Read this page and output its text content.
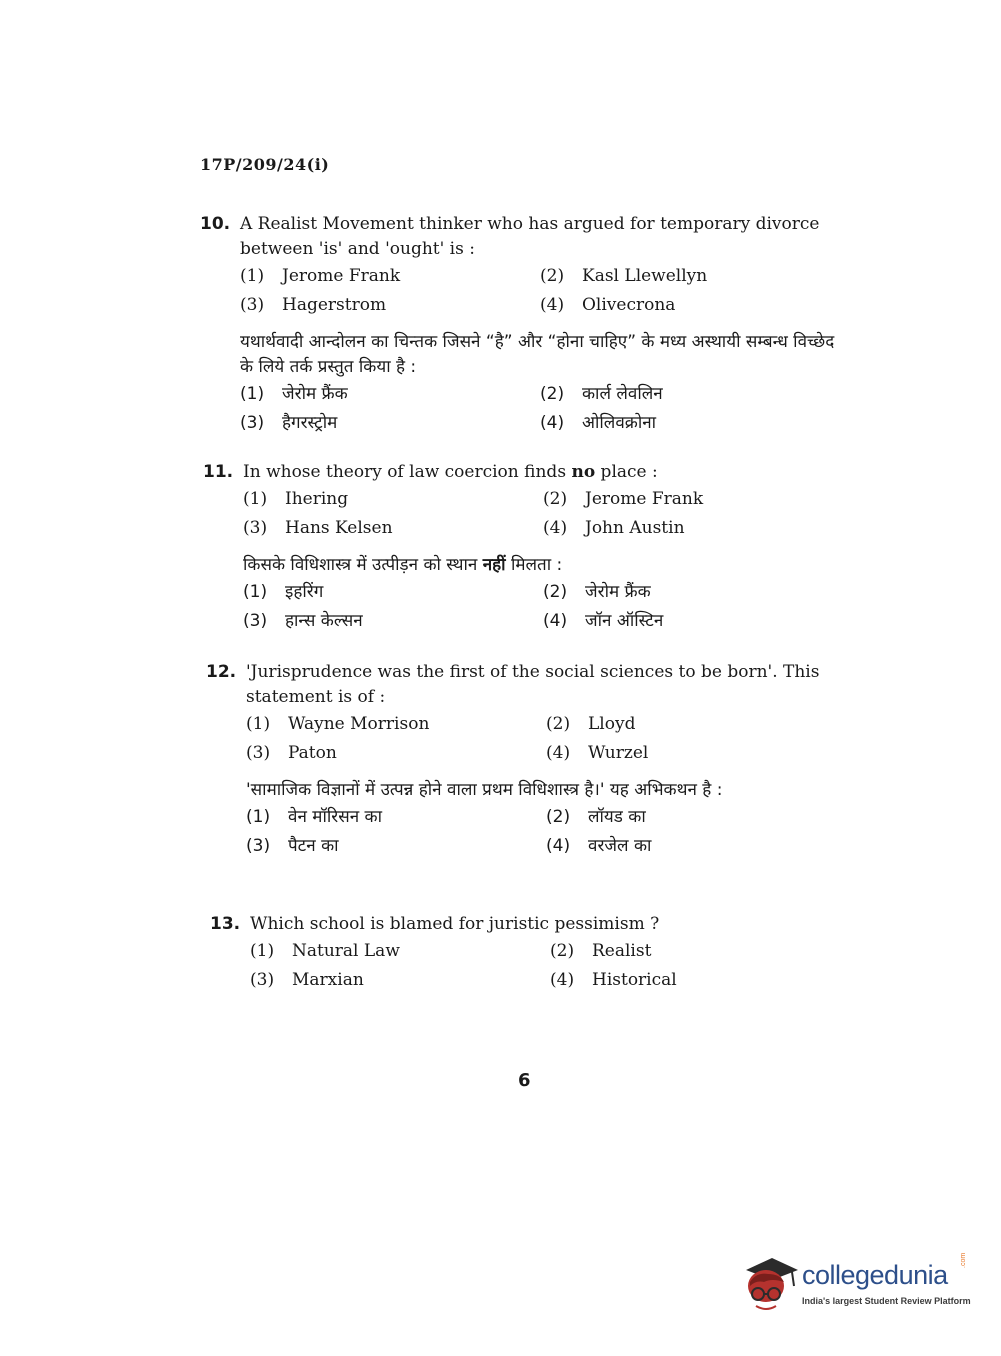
17P/209/24(i)
10. A Realist Movement thinker who has argued for temporary divorce between 'is' and 'ought' is :
(1)	Jerome Frank	(2)	Kasl Llewellyn
(3)	Hagerstrom	(4)	Olivecrona
यथार्थवादी आन्दोलन का चिन्तक जिसने “है” और “होना चाहिए” के मध्य अस्थायी सम्बन्ध विच्छेद के लिये तर्क प्रस्तुत किया है :
(1)	जेरोम फ्रैंक	(2)	कार्ल लेवलिन
(3)	हैगरस्ट्रोम	(4)	ओलिवक्रोना
11. In whose theory of law coercion finds no place :
(1)	Ihering	(2)	Jerome Frank
(3)	Hans Kelsen	(4)	John Austin
किसके विधिशास्त्र में उत्पीड़न को स्थान नहीं मिलता :
(1)	इहरिंग	(2)	जेरोम फ्रैंक
(3)	हान्स केल्सन	(4)	जॉन ऑस्टिन
12. 'Jurisprudence was the first of the social sciences to be born'. This statement is of :
(1)	Wayne Morrison	(2)	Lloyd
(3)	Paton	(4)	Wurzel
'सामाजिक विज्ञानों में उत्पन्न होने वाला प्रथम विधिशास्त्र है।' यह अभिकथन है :
(1)	वेन मॉरिसन का	(2)	लॉयड का
(3)	पैटन का	(4)	वरजेल का
13. Which school is blamed for juristic pessimism ?
(1)	Natural Law	(2)	Realist
(3)	Marxian	(4)	Historical
6
collegedunia .com
India's largest Student Review Platform
